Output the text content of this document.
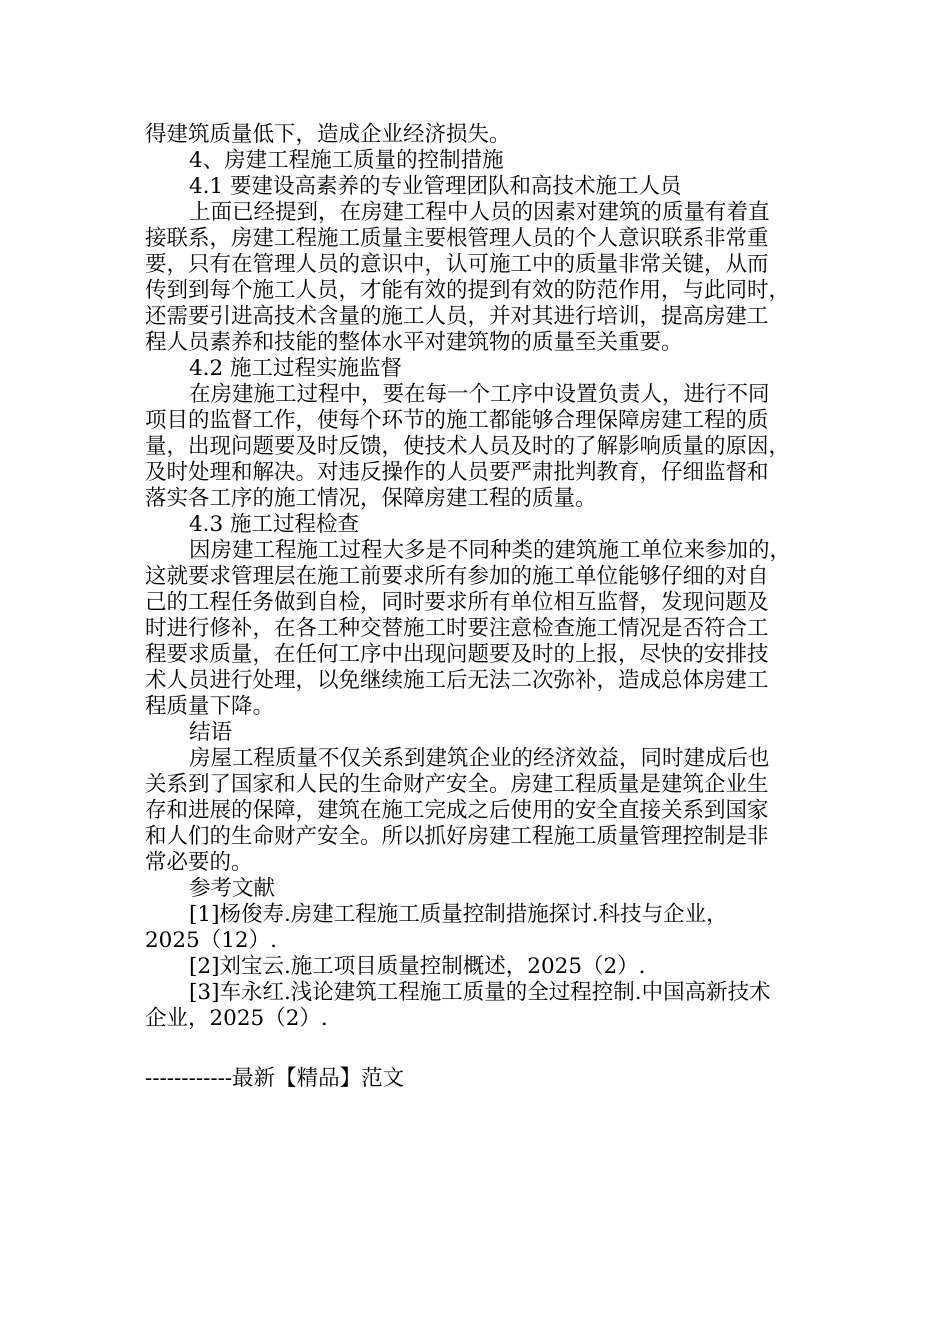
得建筑质量低下，造成企业经济损失。

4、房建工程施工质量的控制措施

4.1 要建设高素养的专业管理团队和高技术施工人员

上面已经提到，在房建工程中人员的因素对建筑的质量有着直

接联系，房建工程施工质量主要根管理人员的个人意识联系非常重

要，只有在管理人员的意识中，认可施工中的质量非常关键，从而

传到到每个施工人员，才能有效的提到有效的防范作用，与此同时，

还需要引进高技术含量的施工人员，并对其进行培训，提高房建工

程人员素养和技能的整体水平对建筑物的质量至关重要。

4.2 施工过程实施监督

在房建施工过程中，要在每一个工序中设置负责人，进行不同

项目的监督工作，使每个环节的施工都能够合理保障房建工程的质

量，出现问题要及时反馈，使技术人员及时的了解影响质量的原因，

及时处理和解决。对违反操作的人员要严肃批判教育，仔细监督和

落实各工序的施工情况，保障房建工程的质量。

4.3 施工过程检查

因房建工程施工过程大多是不同种类的建筑施工单位来参加的，

这就要求管理层在施工前要求所有参加的施工单位能够仔细的对自

己的工程任务做到自检，同时要求所有单位相互监督，发现问题及

时进行修补，在各工种交替施工时要注意检查施工情况是否符合工

程要求质量，在任何工序中出现问题要及时的上报，尽快的安排技

术人员进行处理，以免继续施工后无法二次弥补，造成总体房建工

程质量下降。

结语

房屋工程质量不仅关系到建筑企业的经济效益，同时建成后也

关系到了国家和人民的生命财产安全。房建工程质量是建筑企业生

存和进展的保障，建筑在施工完成之后使用的安全直接关系到国家

和人们的生命财产安全。所以抓好房建工程施工质量管理控制是非

常必要的。

参考文献

[1]杨俊寿.房建工程施工质量控制措施探讨.科技与企业，

2025（12）.

[2]刘宝云.施工项目质量控制概述，2025（2）.

[3]车永红.浅论建筑工程施工质量的全过程控制.中国高新技术

企业，2025（2）.

------------最新【精品】范文
